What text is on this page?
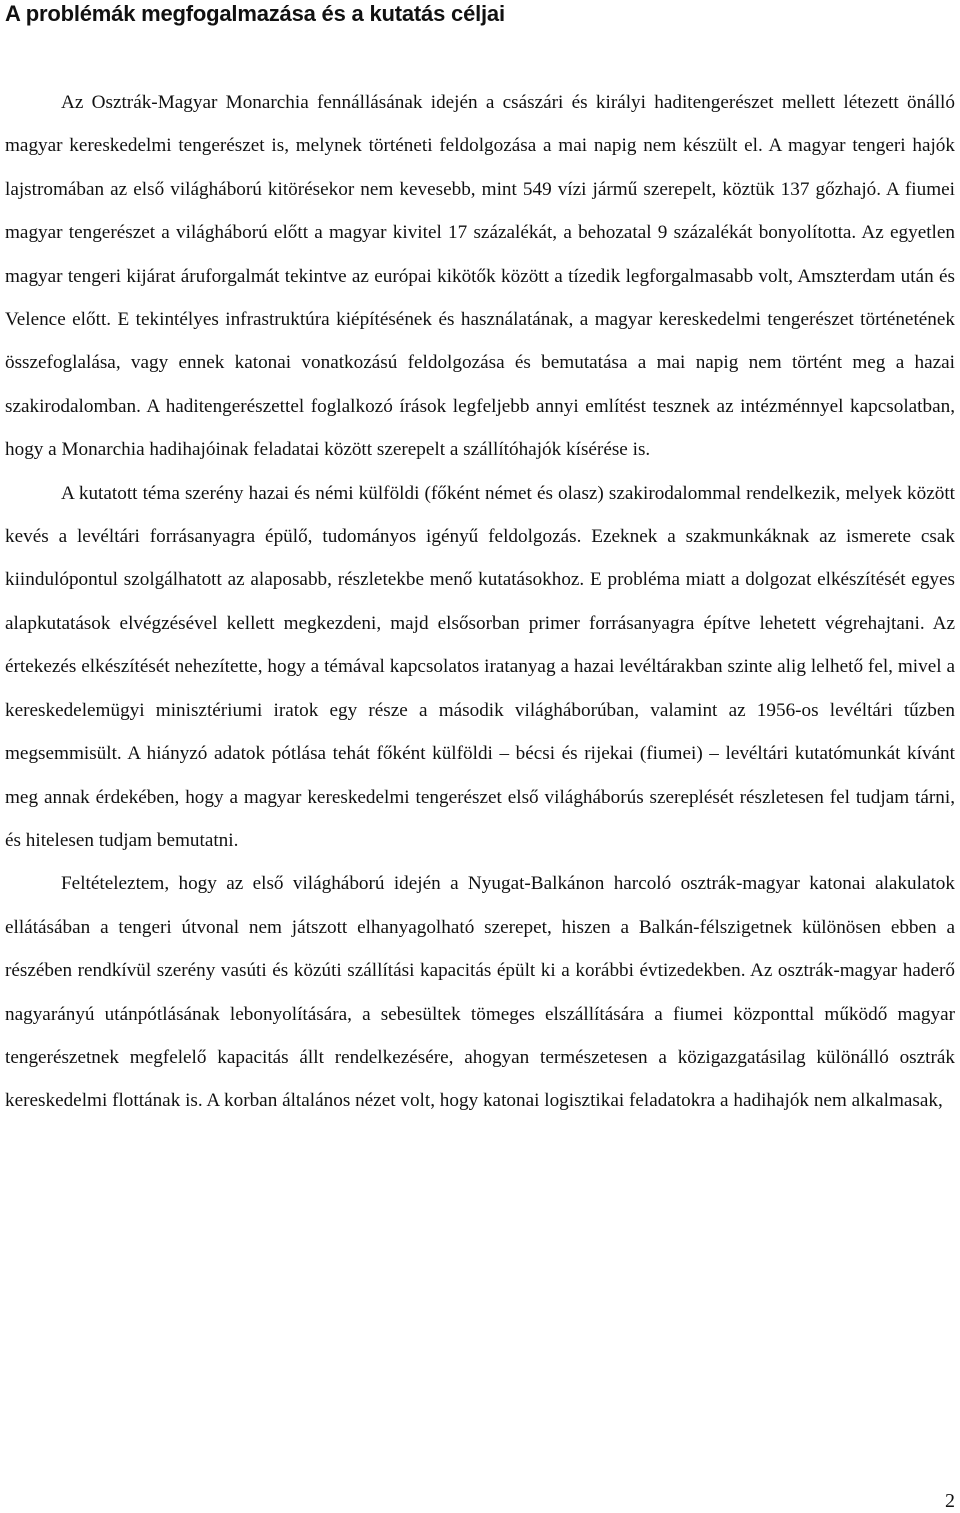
A problémák megfogalmazása és a kutatás céljai

Az Osztrák-Magyar Monarchia fennállásának idején a császári és királyi haditengerészet mellett létezett önálló magyar kereskedelmi tengerészet is, melynek történeti feldolgozása a mai napig nem készült el. A magyar tengeri hajók lajstromában az első világháború kitörésekor nem kevesebb, mint 549 vízi jármű szerepelt, köztük 137 gőzhajó. A fiumei magyar tengerészet a világháború előtt a magyar kivitel 17 százalékát, a behozatal 9 százalékát bonyolította. Az egyetlen magyar tengeri kijárat áruforgalmát tekintve az európai kikötők között a tízedik legforgalmasabb volt, Amszterdam után és Velence előtt. E tekintélyes infrastruktúra kiépítésének és használatának, a magyar kereskedelmi tengerészet történetének összefoglalása, vagy ennek katonai vonatkozású feldolgozása és bemutatása a mai napig nem történt meg a hazai szakirodalomban. A haditengerészettel foglalkozó írások legfeljebb annyi említést tesznek az intézménnyel kapcsolatban, hogy a Monarchia hadihajóinak feladatai között szerepelt a szállítóhajók kísérése is.

A kutatott téma szerény hazai és némi külföldi (főként német és olasz) szakirodalommal rendelkezik, melyek között kevés a levéltári forrásanyagra épülő, tudományos igényű feldolgozás. Ezeknek a szakmunkáknak az ismerete csak kiindulópontul szolgálhatott az alaposabb, részletekbe menő kutatásokhoz. E probléma miatt a dolgozat elkészítését egyes alapkutatások elvégzésével kellett megkezdeni, majd elsősorban primer forrásanyagra építve lehetett végrehajtani. Az értekezés elkészítését nehezítette, hogy a témával kapcsolatos iratanyag a hazai levéltárakban szinte alig lelhető fel, mivel a kereskedelemügyi minisztériumi iratok egy része a második világháborúban, valamint az 1956-os levéltári tűzben megsemmisült. A hiányzó adatok pótlása tehát főként külföldi – bécsi és rijekai (fiumei) – levéltári kutatómunkát kívánt meg annak érdekében, hogy a magyar kereskedelmi tengerészet első világháborús szereplését részletesen fel tudjam tárni, és hitelesen tudjam bemutatni.

Feltételeztem, hogy az első világháború idején a Nyugat-Balkánon harcoló osztrák-magyar katonai alakulatok ellátásában a tengeri útvonal nem játszott elhanyagolható szerepet, hiszen a Balkán-félszigetnek különösen ebben a részében rendkívül szerény vasúti és közúti szállítási kapacitás épült ki a korábbi évtizedekben. Az osztrák-magyar haderő nagyarányú utánpótlásának lebonyolítására, a sebesültek tömeges elszállítására a fiumei központtal működő magyar tengerészetnek megfelelő kapacitás állt rendelkezésére, ahogyan természetesen a közigazgatásilag különálló osztrák kereskedelmi flottának is. A korban általános nézet volt, hogy katonai logisztikai feladatokra a hadihajók nem alkalmasak,

2
